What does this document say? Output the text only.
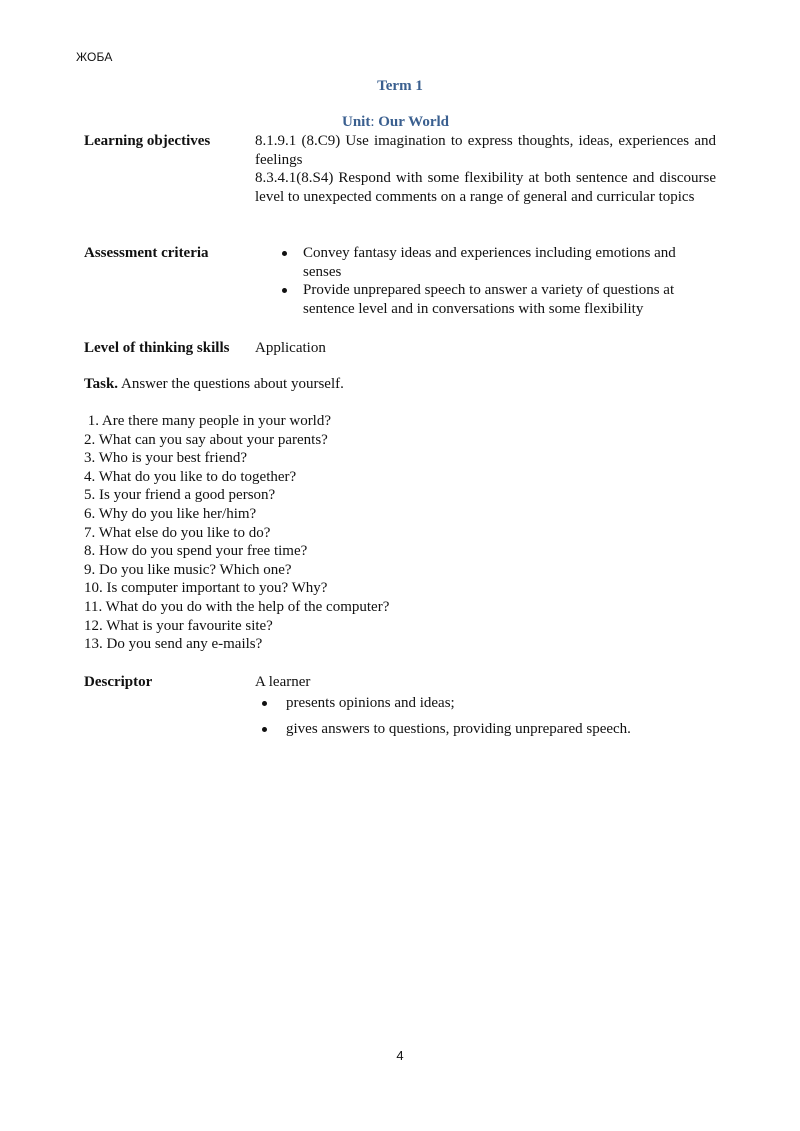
ЖОБА
Term 1
Unit: Our World
Learning objectives	8.1.9.1 (8.C9) Use imagination to express thoughts, ideas, experiences and feelings

8.3.4.1(8.S4) Respond with some flexibility at both sentence and discourse level to unexpected comments on a range of general and curricular topics

Assessment criteria	Convey fantasy ideas and experiences including emotions and senses
Provide unprepared speech to answer a variety of questions at sentence level and in conversations with some flexibility
Level of thinking skills Application
Task. Answer the questions about yourself.
1. Are there many people in your world?
2. What can you say about your parents?
3. Who is your best friend?
4. What do you like to do together?
5. Is your friend a good person?
6. Why do you like her/him?
7. What else do you like to do?
8. How do you spend your free time?
9. Do you like music? Which one?
10. Is computer important to you? Why?
11. What do you do with the help of the computer?
12. What is your favourite site?
13. Do you send any e-mails?
Descriptor	A learner
presents opinions and ideas;
gives answers to questions, providing unprepared speech.
4
